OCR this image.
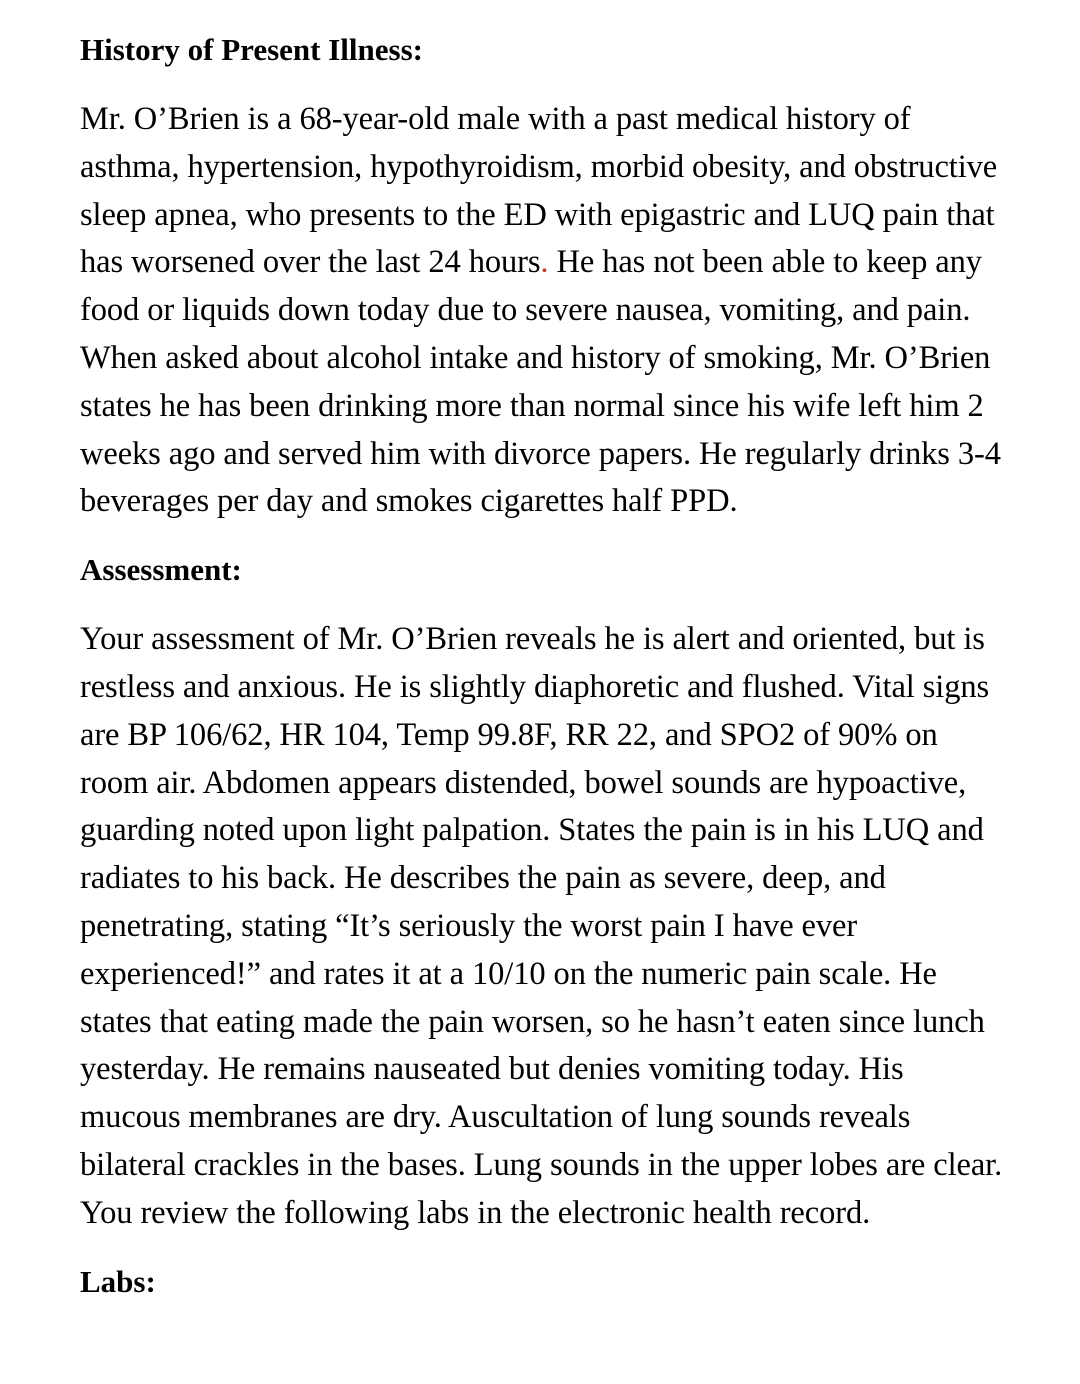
History of Present Illness:

Mr. O’Brien is a 68-year-old male with a past medical history of asthma, hypertension, hypothyroidism, morbid obesity, and obstructive sleep apnea, who presents to the ED with epigastric and LUQ pain that has worsened over the last 24 hours. He has not been able to keep any food or liquids down today due to severe nausea, vomiting, and pain. When asked about alcohol intake and history of smoking, Mr. O’Brien states he has been drinking more than normal since his wife left him 2 weeks ago and served him with divorce papers. He regularly drinks 3-4 beverages per day and smokes cigarettes half PPD.

Assessment:

Your assessment of Mr. O’Brien reveals he is alert and oriented, but is restless and anxious. He is slightly diaphoretic and flushed. Vital signs are BP 106/62, HR 104, Temp 99.8F, RR 22, and SPO2 of 90% on room air. Abdomen appears distended, bowel sounds are hypoactive, guarding noted upon light palpation. States the pain is in his LUQ and radiates to his back. He describes the pain as severe, deep, and penetrating, stating “It’s seriously the worst pain I have ever experienced!” and rates it at a 10/10 on the numeric pain scale. He states that eating made the pain worsen, so he hasn’t eaten since lunch yesterday. He remains nauseated but denies vomiting today. His mucous membranes are dry. Auscultation of lung sounds reveals bilateral crackles in the bases. Lung sounds in the upper lobes are clear. You review the following labs in the electronic health record.

Labs:
